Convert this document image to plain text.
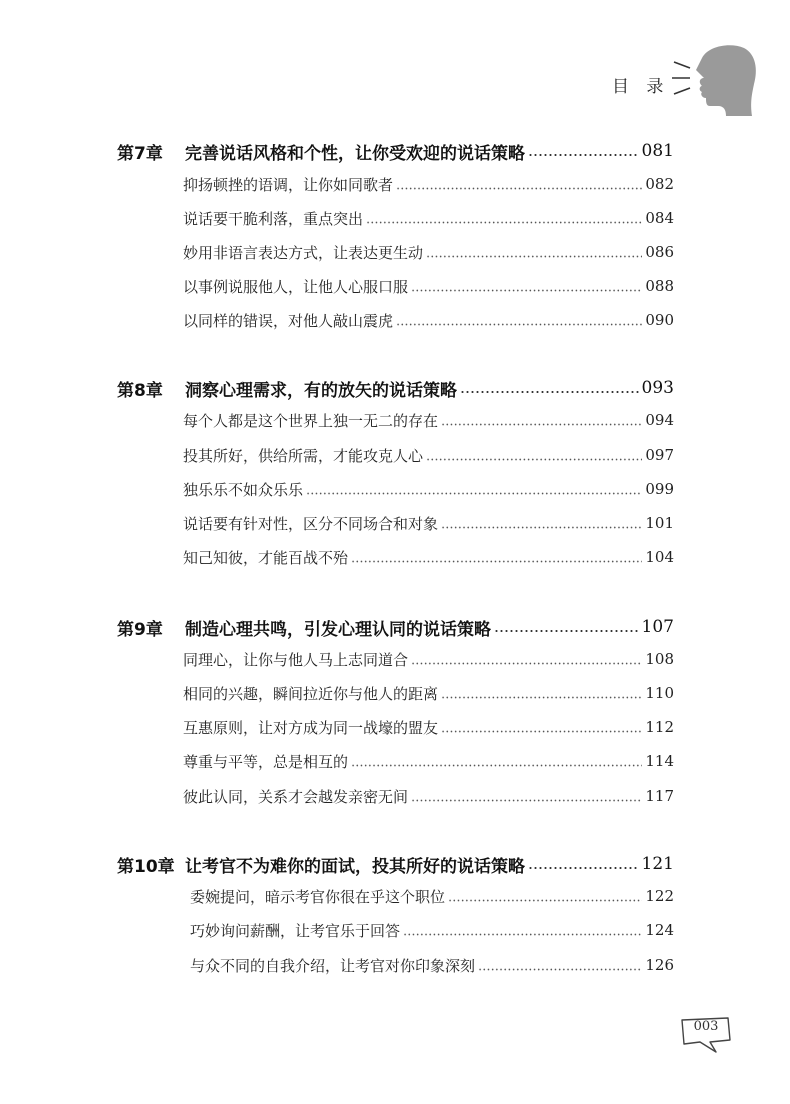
目 录
第7章	完善说话风格和个性，让你受欢迎的说话策略	081
抑扬顿挫的语调，让你如同歌者	082
说话要干脆利落，重点突出	084
妙用非语言表达方式，让表达更生动	086
以事例说服他人，让他人心服口服	088
以同样的错误，对他人敲山震虎	090
第8章	洞察心理需求，有的放矢的说话策略	093
每个人都是这个世界上独一无二的存在	094
投其所好，供给所需，才能攻克人心	097
独乐乐不如众乐乐	099
说话要有针对性，区分不同场合和对象	101
知己知彼，才能百战不殆	104
第9章	制造心理共鸣，引发心理认同的说话策略	107
同理心，让你与他人马上志同道合	108
相同的兴趣，瞬间拉近你与他人的距离	110
互惠原则，让对方成为同一战壕的盟友	112
尊重与平等，总是相互的	114
彼此认同，关系才会越发亲密无间	117
第10章 让考官不为难你的面试，投其所好的说话策略	121
委婉提问，暗示考官你很在乎这个职位	122
巧妙询问薪酬，让考官乐于回答	124
与众不同的自我介绍，让考官对你印象深刻	126
003
